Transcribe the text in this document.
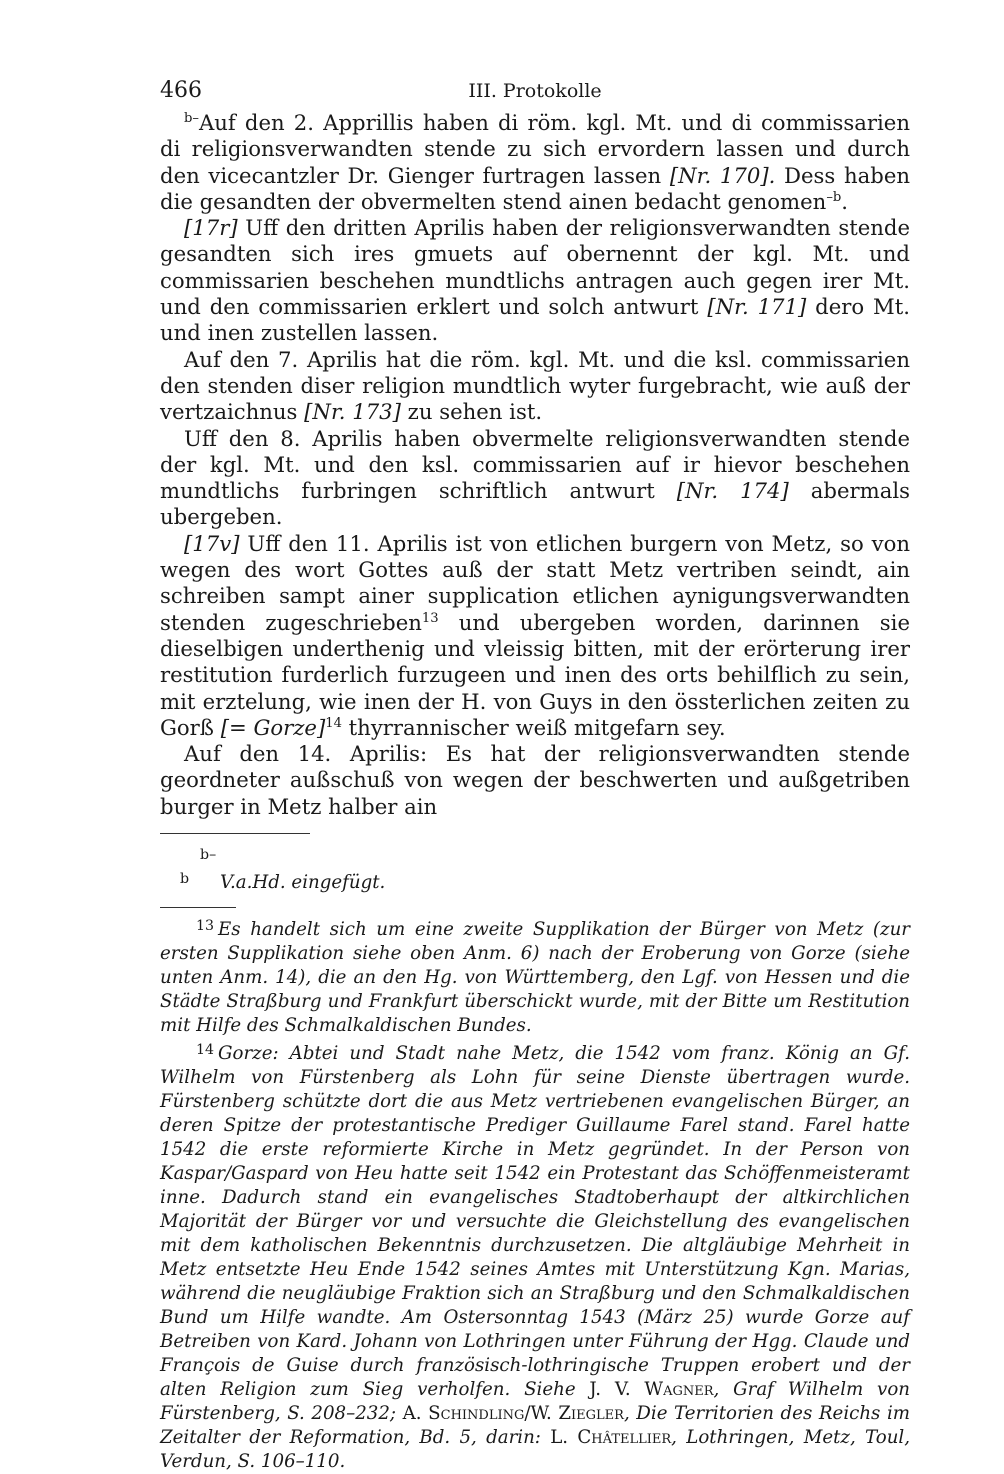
466	III. Protokolle

$^{b-}$Auf den 2. Apprillis haben di röm. kgl. Mt. und di commissarien di religionsverwandten stende zu sich ervordern lassen und durch den vicecantzler Dr. Gienger furtragen lassen [Nr. 170]. Dess haben die gesandten der obvermelten stend ainen bedacht genomen$^{-b}$.

[17r] Uff den dritten Aprilis haben der religionsverwandten stende gesandten sich ires gmuets auf obernennt der kgl. Mt. und commissarien beschehen mundtlichs antragen auch gegen irer Mt. und den commissarien erklert und solch antwurt [Nr. 171] dero Mt. und inen zustellen lassen.

Auf den 7. Aprilis hat die röm. kgl. Mt. und die ksl. commissarien den stenden diser religion mundtlich wyter furgebracht, wie auß der vertzaichnus [Nr. 173] zu sehen ist.

Uff den 8. Aprilis haben obvermelte religionsverwandten stende der kgl. Mt. und den ksl. commissarien auf ir hievor beschehen mundtlichs furbringen schriftlich antwurt [Nr. 174] abermals ubergeben.

[17v] Uff den 11. Aprilis ist von etlichen burgern von Metz, so von wegen des wort Gottes auß der statt Metz vertriben seindt, ain schreiben sampt ainer supplication etlichen aynigungsverwandten stenden zugeschrieben$^{13}$ und ubergeben worden, darinnen sie dieselbigen underthenig und vleissig bitten, mit der erörterung irer restitution furderlich furzugeen und inen des orts behilflich zu sein, mit erztelung, wie inen der H. von Guys in den össterlichen zeiten zu Gorß [= Gorze]$^{14}$ thyrrannischer weiß mitgefarn sey.

Auf den 14. Aprilis: Es hat der religionsverwandten stende geordneter außschuß von wegen der beschwerten und außgetriben burger in Metz halber ain

b–b V.a.Hd. eingefügt.

13 Es handelt sich um eine zweite Supplikation der Bürger von Metz (zur ersten Supplikation siehe oben Anm. 6) nach der Eroberung von Gorze (siehe unten Anm. 14), die an den Hg. von Württemberg, den Lgf. von Hessen und die Städte Straßburg und Frankfurt überschickt wurde, mit der Bitte um Restitution mit Hilfe des Schmalkaldischen Bundes.

14 Gorze: Abtei und Stadt nahe Metz, die 1542 vom franz. König an Gf. Wilhelm von Fürstenberg als Lohn für seine Dienste übertragen wurde. Fürstenberg schützte dort die aus Metz vertriebenen evangelischen Bürger, an deren Spitze der protestantische Prediger Guillaume Farel stand. Farel hatte 1542 die erste reformierte Kirche in Metz gegründet. In der Person von Kaspar/Gaspard von Heu hatte seit 1542 ein Protestant das Schöffenmeisteramt inne. Dadurch stand ein evangelisches Stadtoberhaupt der altkirchlichen Majorität der Bürger vor und versuchte die Gleichstellung des evangelischen mit dem katholischen Bekenntnis durchzusetzen. Die altgläubige Mehrheit in Metz entsetzte Heu Ende 1542 seines Amtes mit Unterstützung Kgn. Marias, während die neugläubige Fraktion sich an Straßburg und den Schmalkaldischen Bund um Hilfe wandte. Am Ostersonntag 1543 (März 25) wurde Gorze auf Betreiben von Kard. Johann von Lothringen unter Führung der Hgg. Claude und François de Guise durch französisch-lothringische Truppen erobert und der alten Religion zum Sieg verholfen. Siehe J. V. Wagner, Graf Wilhelm von Fürstenberg, S. 208–232; A. Schindling/W. Ziegler, Die Territorien des Reichs im Zeitalter der Reformation, Bd. 5, darin: L. Châtellier, Lothringen, Metz, Toul, Verdun, S. 106–110.
